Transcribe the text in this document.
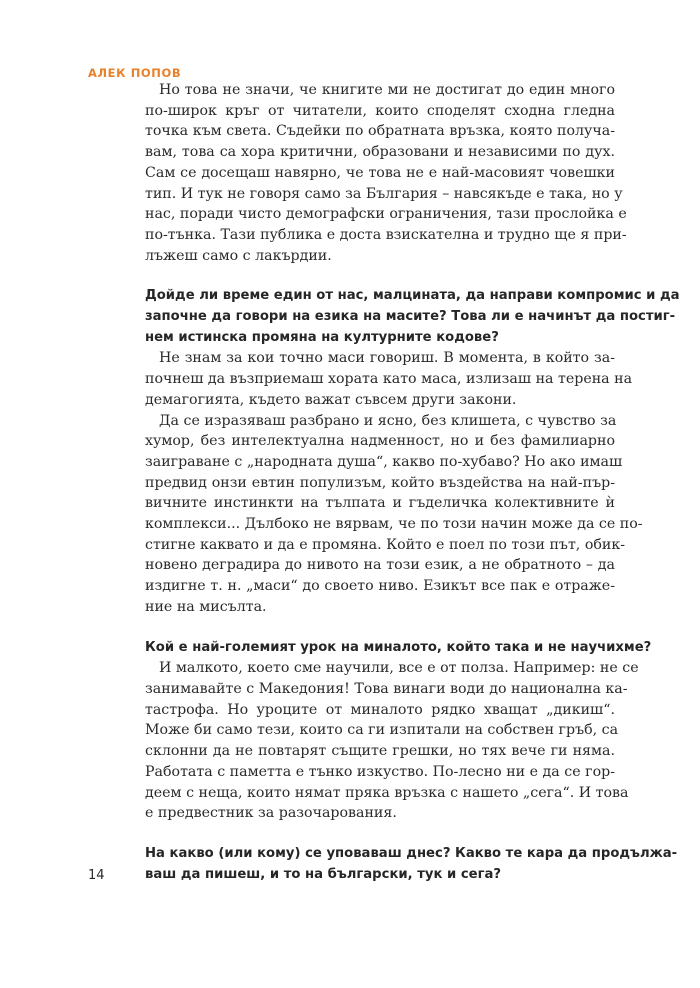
АЛЕК ПОПОВ
Но това не значи, че книгите ми не достигат до един много
по-широк кръг от читатели, които споделят сходна гледна
точка към света. Съдейки по обратната връзка, която получа-
вам, това са хора критични, образовани и независими по дух.
Сам се досещаш навярно, че това не е най-масовият човешки
тип. И тук не говоря само за България – навсякъде е така, но у
нас, поради чисто демографски ограничения, тази прослойка е
по-тънка. Тази публика е доста взискателна и трудно ще я при-
лъжеш само с лакърдии.
Дойде ли време един от нас, малцината, да направи компромис и да
започне да говори на езика на масите? Това ли е начинът да постиг-
нем истинска промяна на културните кодове?
Не знам за кои точно маси говориш. В момента, в който за-
почнеш да възприемаш хората като маса, излизаш на терена на
демагогията, където важат съвсем други закони.
Да се изразяваш разбрано и ясно, без клишета, с чувство за
хумор, без интелектуална надменност, но и без фамилиарно
заиграване с „народната душа“, какво по-хубаво? Но ако имаш
предвид онзи евтин популизъм, който въздейства на най-пър-
вичните инстинкти на тълпата и гъделичка колективните ѝ
комплекси... Дълбоко не вярвам, че по този начин може да се по-
стигне каквато и да е промяна. Който е поел по този път, обик-
новено деградира до нивото на този език, а не обратното – да
издигне т. н. „маси“ до своето ниво. Езикът все пак е отраже-
ние на мисълта.
Кой е най-големият урок на миналото, който така и не научихме?
И малкото, което сме научили, все е от полза. Например: не се
занимавайте с Македония! Това винаги води до национална ка-
тастрофа. Но уроците от миналото рядко хващат „дикиш“.
Може би само тези, които са ги изпитали на собствен гръб, са
склонни да не повтарят същите грешки, но тях вече ги няма.
Работата с паметта е тънко изкуство. По-лесно ни е да се гор-
деем с неща, които нямат пряка връзка с нашето „сега“. И това
е предвестник за разочарования.
На какво (или кому) се уповаваш днес? Какво те кара да продължа-
ваш да пишеш, и то на български, тук и сега?
14
